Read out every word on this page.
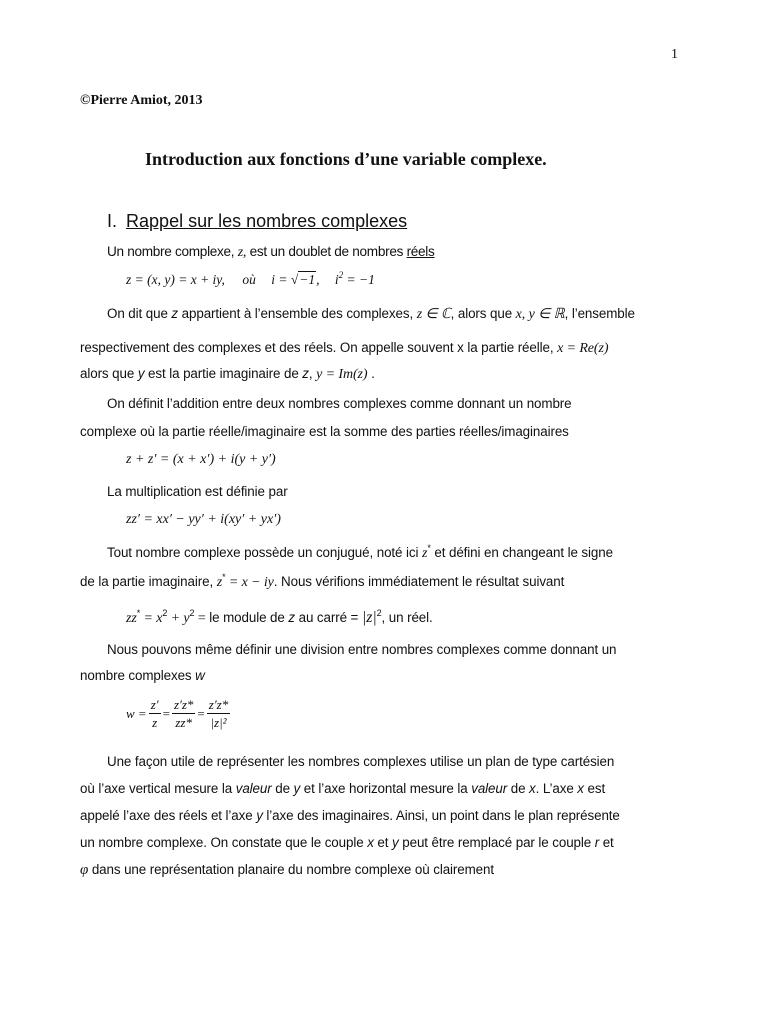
1
©Pierre Amiot, 2013
Introduction aux fonctions d’une variable complexe.
I. Rappel sur les nombres complexes
Un nombre complexe, z, est un doublet de nombres réels
z = (x, y) = x + iy, où i = √−1, $i^2 = -1$
On dit que z appartient à l’ensemble des complexes, z ∈ ℂ, alors que x, y ∈ ℝ, l’ensemble
respectivement des complexes et des réels. On appelle souvent x la partie réelle, x = Re(z)
alors que y est la partie imaginaire de z, y = Im(z) .
On définit l’addition entre deux nombres complexes comme donnant un nombre
complexe où la partie réelle/imaginaire est la somme des parties réelles/imaginaires
z + z′ = (x + x′) + i(y + y′)
La multiplication est définie par
zz′ = xx′ − yy′ + i(xy′ + yx′)
Tout nombre complexe possède un conjugué, noté ici z* et défini en changeant le signe
de la partie imaginaire, z* = x − iy. Nous vérifions immédiatement le résultat suivant
$zz^* = x^2 + y^2$ = le module de z au carré = $|z|^2$, un réel.
Nous pouvons même définir une division entre nombres complexes comme donnant un
nombre complexes w
$w = \frac{z'}{z} = \frac{z'z*}{zz*} = \frac{z'z*}{\text{|z|²}}$
Une façon utile de représenter les nombres complexes utilise un plan de type cartésien
où l’axe vertical mesure la valeur de y et l’axe horizontal mesure la valeur de x. L’axe x est
appelé l’axe des réels et l’axe y l’axe des imaginaires. Ainsi, un point dans le plan représente
un nombre complexe. On constate que le couple x et y peut être remplacé par le couple r et
φ dans une représentation planaire du nombre complexe où clairement
